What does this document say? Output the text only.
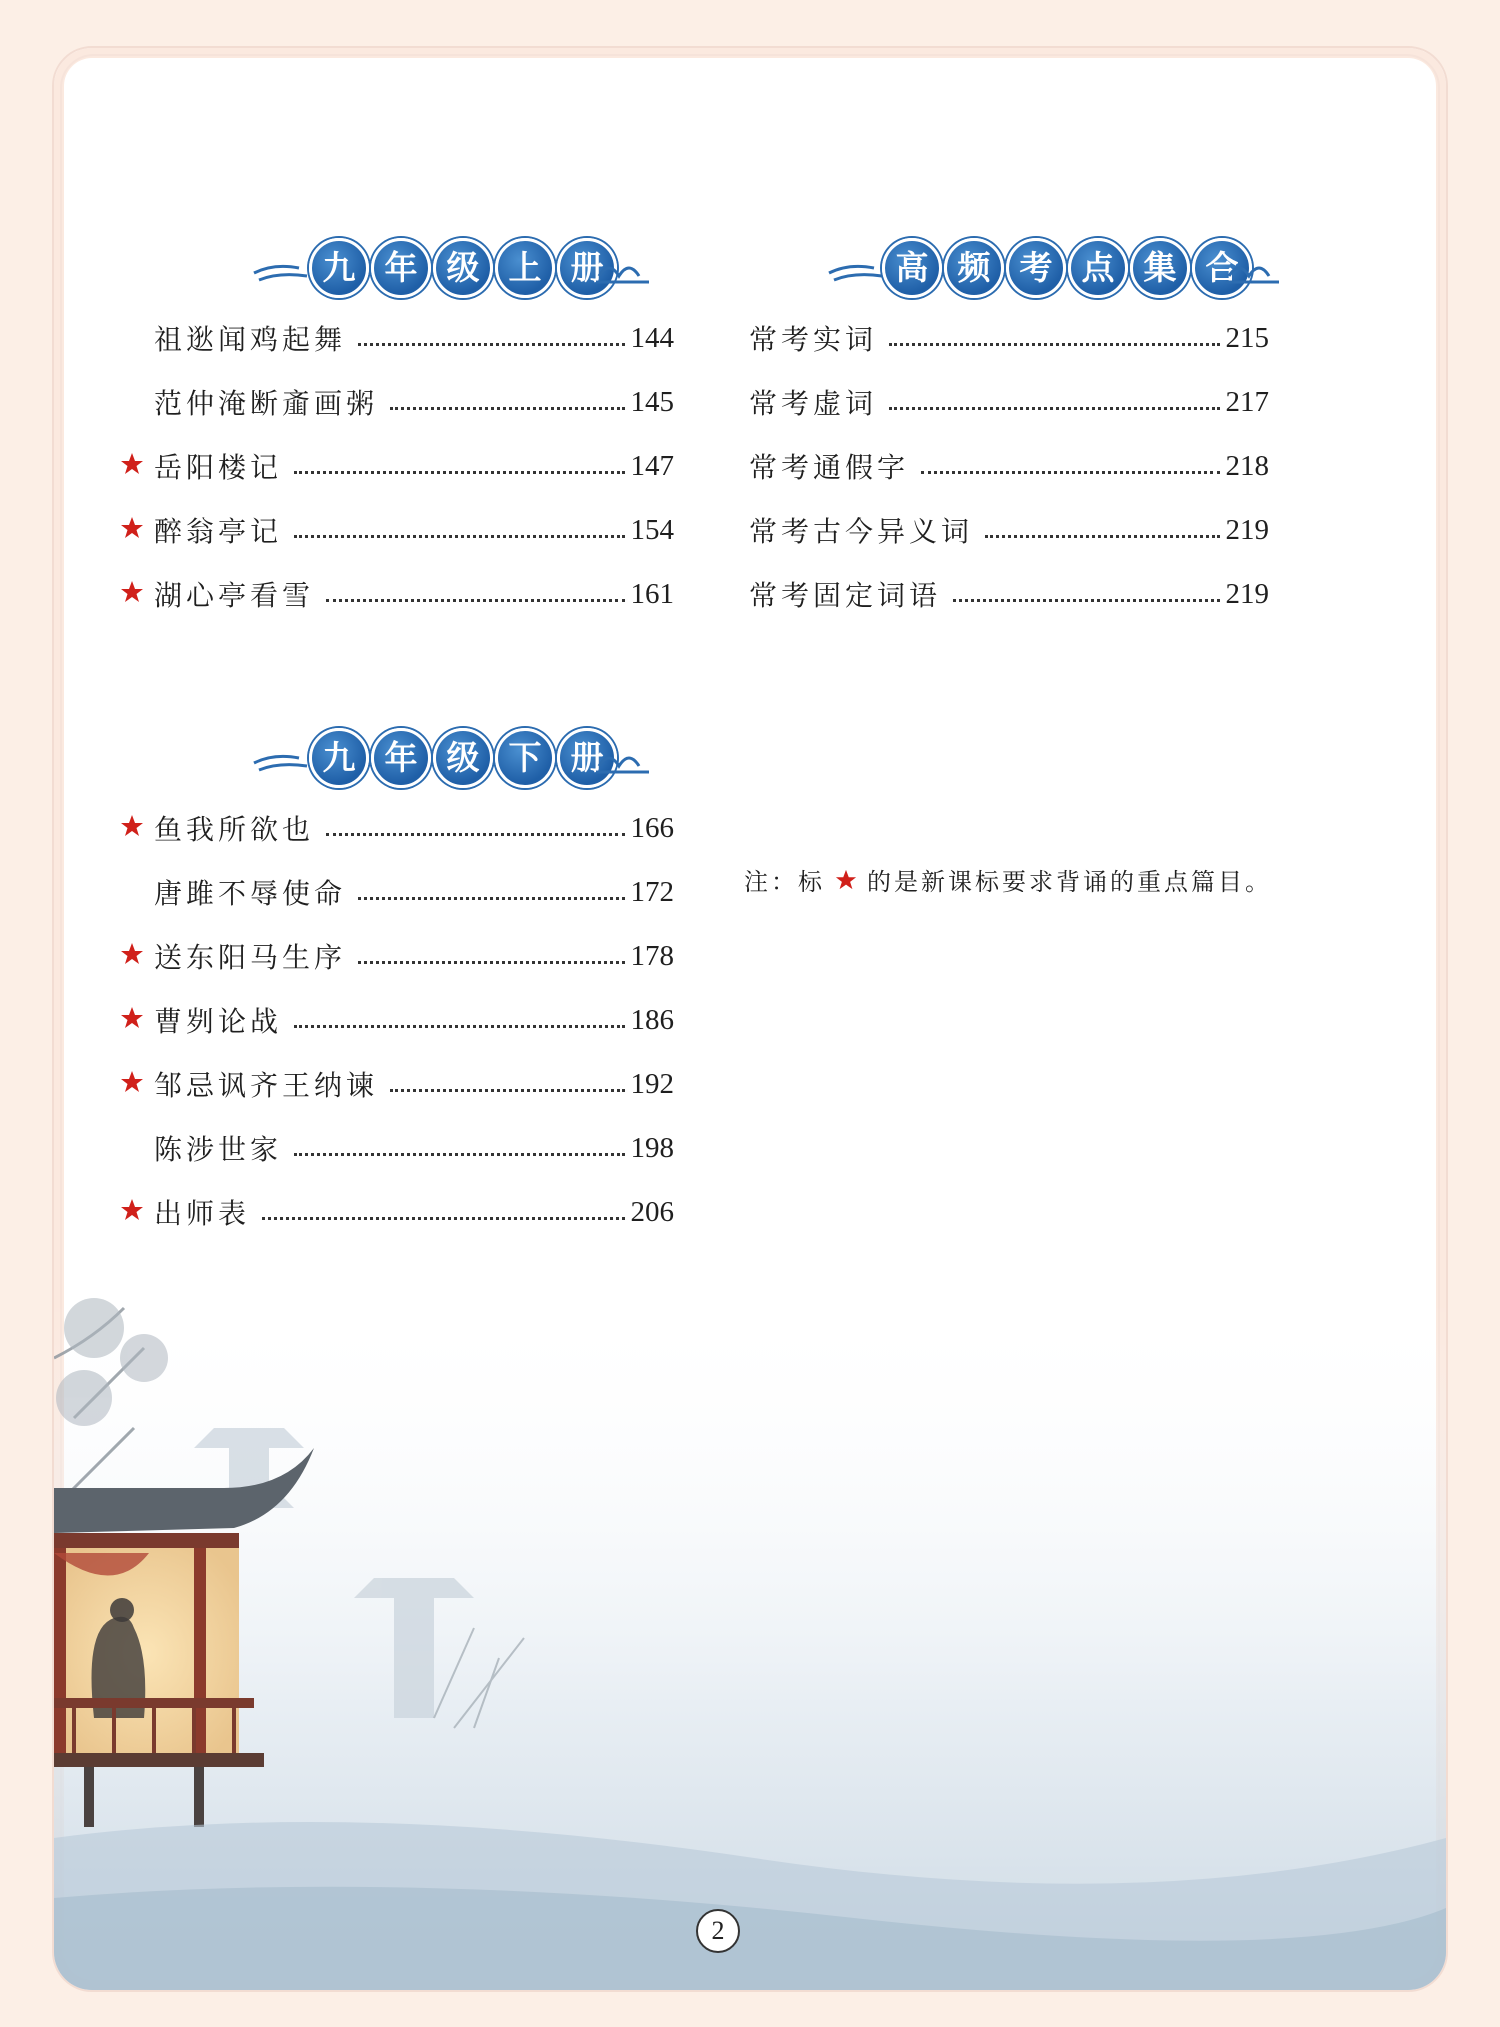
九 年 级 上 册
祖逖闻鸡起舞	144
范仲淹断齑画粥	145
岳阳楼记	147
醉翁亭记	154
湖心亭看雪	161
九 年 级 下 册
鱼我所欲也	166
唐雎不辱使命	172
送东阳马生序	178
曹刿论战	186
邹忌讽齐王纳谏	192
陈涉世家	198
出师表	206
高 频 考 点 集 合
常考实词	215
常考虚词	217
常考通假字	218
常考古今异义词	219
常考固定词语	219
注：标 的是新课标要求背诵的重点篇目。
2
